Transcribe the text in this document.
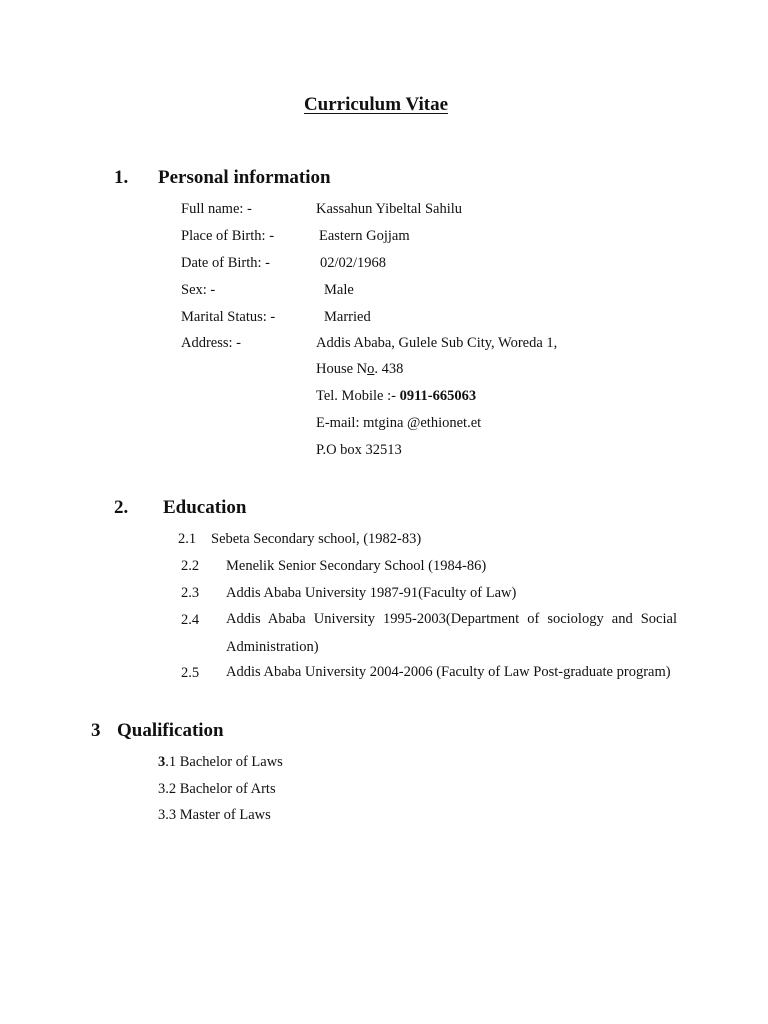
Curriculum Vitae
1. Personal information
Full name: -	Kassahun Yibeltal Sahilu
Place of Birth: -	Eastern Gojjam
Date of Birth: -	02/02/1968
Sex: -	Male
Marital Status: -	Married
Address: -	Addis Ababa, Gulele Sub City, Woreda 1,
House No. 438
Tel. Mobile :- 0911-665063
E-mail: mtgina @ethionet.et
P.O box 32513
2. Education
2.1 Sebeta Secondary school, (1982-83)
2.2 Menelik Senior Secondary School (1984-86)
2.3 Addis Ababa University 1987-91(Faculty of Law)
2.4 Addis Ababa University 1995-2003(Department of sociology and Social Administration)
2.5 Addis Ababa University 2004-2006 (Faculty of Law Post-graduate program)
3 Qualification
3.1 Bachelor of Laws
3.2 Bachelor of Arts
3.3 Master of Laws
